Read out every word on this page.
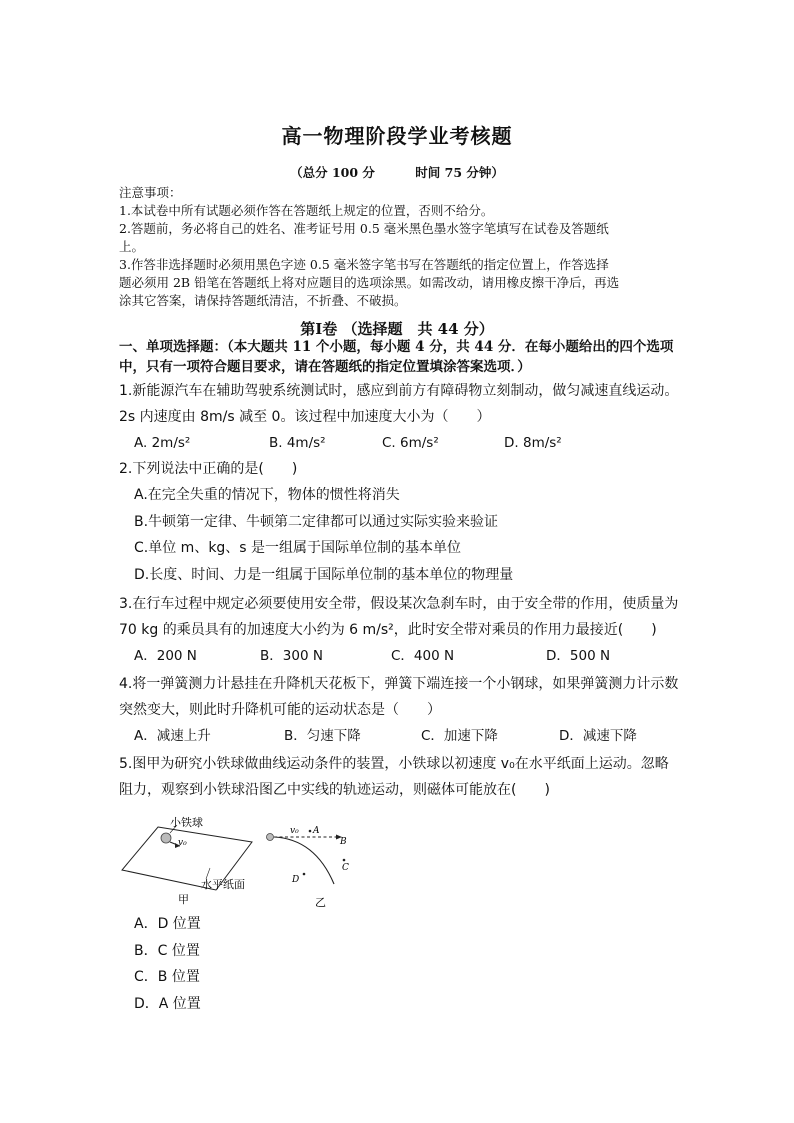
高一物理阶段学业考核题
（总分 100 分	时间 75 分钟）

注意事项：

1.本试卷中所有试题必须作答在答题纸上规定的位置，否则不给分。

2.答题前，务必将自己的姓名、准考证号用 0.5 毫米黑色墨水签字笔填写在试卷及答题纸

上。

3.作答非选择题时必须用黑色字迹 0.5 毫米签字笔书写在答题纸的指定位置上，作答选择

题必须用 2B 铅笔在答题纸上将对应题目的选项涂黑。如需改动，请用橡皮擦干净后，再选

涂其它答案，请保持答题纸清洁，不折叠、不破损。

第Ⅰ卷 （选择题　共 44 分）
一、单项选择题：（本大题共 11 个小题，每小题 4 分，共 44 分．在每小题给出的四个选项
中，只有一项符合题目要求，请在答题纸的指定位置填涂答案选项．）

1.新能源汽车在辅助驾驶系统测试时，感应到前方有障碍物立刻制动，做匀减速直线运动。

2s 内速度由 8m/s 减至 0。该过程中加速度大小为（　　）

A. 2m/s²	B. 4m/s²	C. 6m/s²	D. 8m/s²

2.下列说法中正确的是(　　)

A.在完全失重的情况下，物体的惯性将消失
B.牛顿第一定律、牛顿第二定律都可以通过实际实验来验证
C.单位 m、kg、s 是一组属于国际单位制的基本单位
D.长度、时间、力是一组属于国际单位制的基本单位的物理量

3.在行车过程中规定必须要使用安全带，假设某次急刹车时，由于安全带的作用，使质量为

70 kg 的乘员具有的加速度大小约为 6 m/s²，此时安全带对乘员的作用力最接近(　　)

A．200 N	B．300 N	C．400 N	D．500 N

4.将一弹簧测力计悬挂在升降机天花板下，弹簧下端连接一个小钢球，如果弹簧测力计示数

突然变大，则此时升降机可能的运动状态是（　　）

A．减速上升	B．匀速下降	C．加速下降	D．减速下降

5.图甲为研究小铁球做曲线运动条件的装置，小铁球以初速度 v₀在水平纸面上运动。忽略

阻力，观察到小铁球沿图乙中实线的轨迹运动，则磁体可能放在(　　)

小铁球
v₀
水平纸面
甲
v₀ A
B
C
D
乙
A．D 位置
B．C 位置
C．B 位置
D．A 位置
